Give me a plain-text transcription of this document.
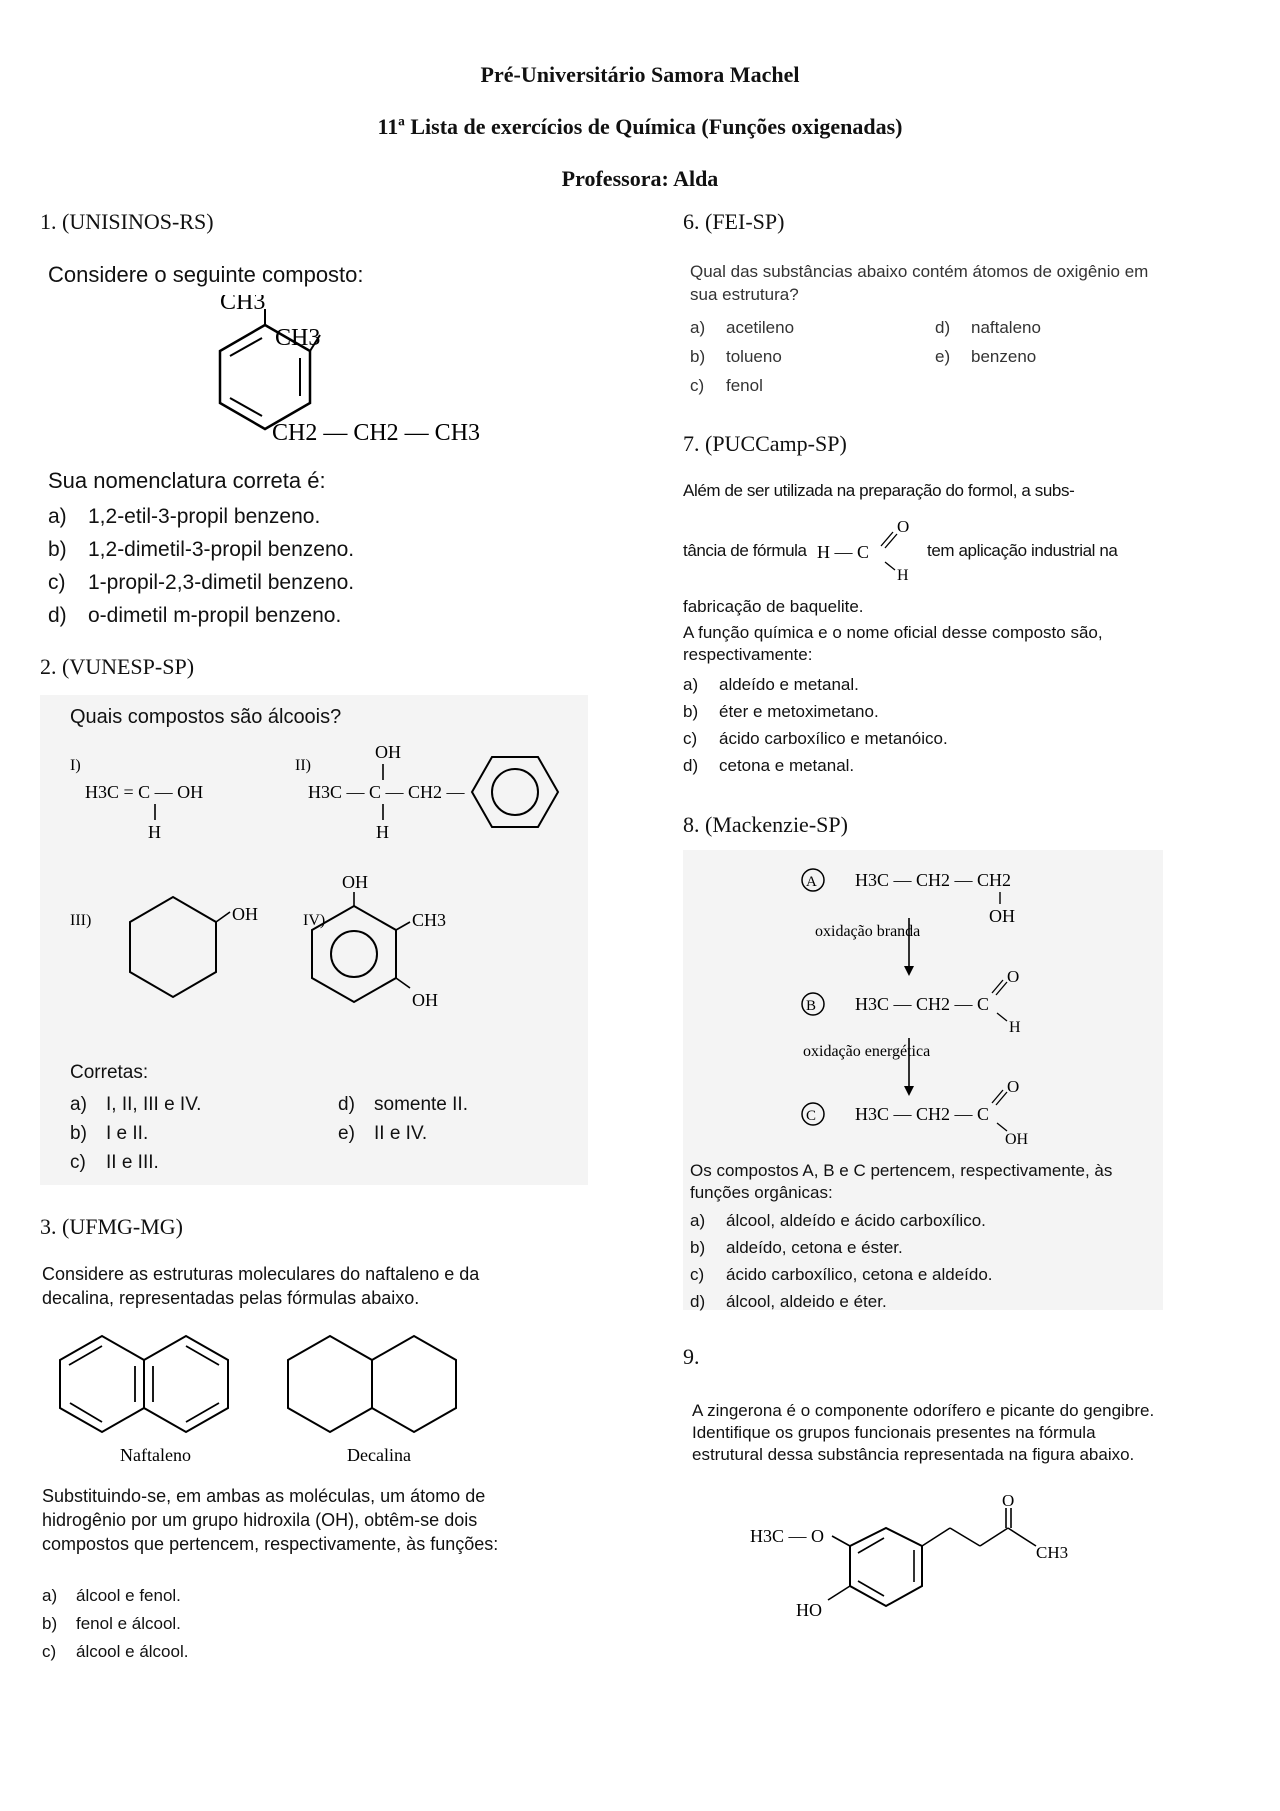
Pré-Universitário Samora Machel
11ª Lista de exercícios de Química (Funções oxigenadas)
Professora: Alda
1. (UNISINOS-RS)
Considere o seguinte composto:
CH3
CH3
CH2 — CH2 — CH3
Sua nomenclatura correta é:
a) 1,2-etil-3-propil benzeno.
b) 1,2-dimetil-3-propil benzeno.
c) 1-propil-2,3-dimetil benzeno.
d) o-dimetil m-propil benzeno.
2. (VUNESP-SP)
Quais compostos são álcoois?
I)
H3C = C — OH
H
II)
OH
H3C — C — CH2 —
H
III)	OH	IV)
OH
CH3
OH
Corretas:
a) I, II, III e IV.
b) I e II.
c) II e III.
d) somente II.
e) II e IV.
3. (UFMG-MG)
Considere as estruturas moleculares do naftaleno e da decalina, representadas pelas fórmulas abaixo.
Naftaleno	Decalina
Substituindo-se, em ambas as moléculas, um átomo de hidrogênio por um grupo hidroxila (OH), obtêm-se dois compostos que pertencem, respectivamente, às funções:
a) álcool e fenol.
b) fenol e álcool.
c) álcool e álcool.
6. (FEI-SP)
Qual das substâncias abaixo contém átomos de oxigênio em sua estrutura?
a) acetileno
b) tolueno
c) fenol
d) naftaleno
e) benzeno
7. (PUCCamp-SP)
Além de ser utilizada na preparação do formol, a subs-
tância de fórmula H — C
O
H
tem aplicação industrial na
fabricação de baquelite.
A função química e o nome oficial desse composto são, respectivamente:
a) aldeído e metanal.
b) éter e metoximetano.
c) ácido carboxílico e metanóico.
d) cetona e metanal.
8. (Mackenzie-SP)
A H3C — CH2 — CH2
OH
oxidação branda
B H3C — CH2 — C
O
H
oxidação energética
C H3C — CH2 — C
O
OH
Os compostos A, B e C pertencem, respectivamente, às funções orgânicas:
a) álcool, aldeído e ácido carboxílico.
b) aldeído, cetona e éster.
c) ácido carboxílico, cetona e aldeído.
d) álcool, aldeido e éter.
9.
A zingerona é o componente odorífero e picante do gengibre. Identifique os grupos funcionais presentes na fórmula estrutural dessa substância representada na figura abaixo.
H3C — O
HO
O
CH3
